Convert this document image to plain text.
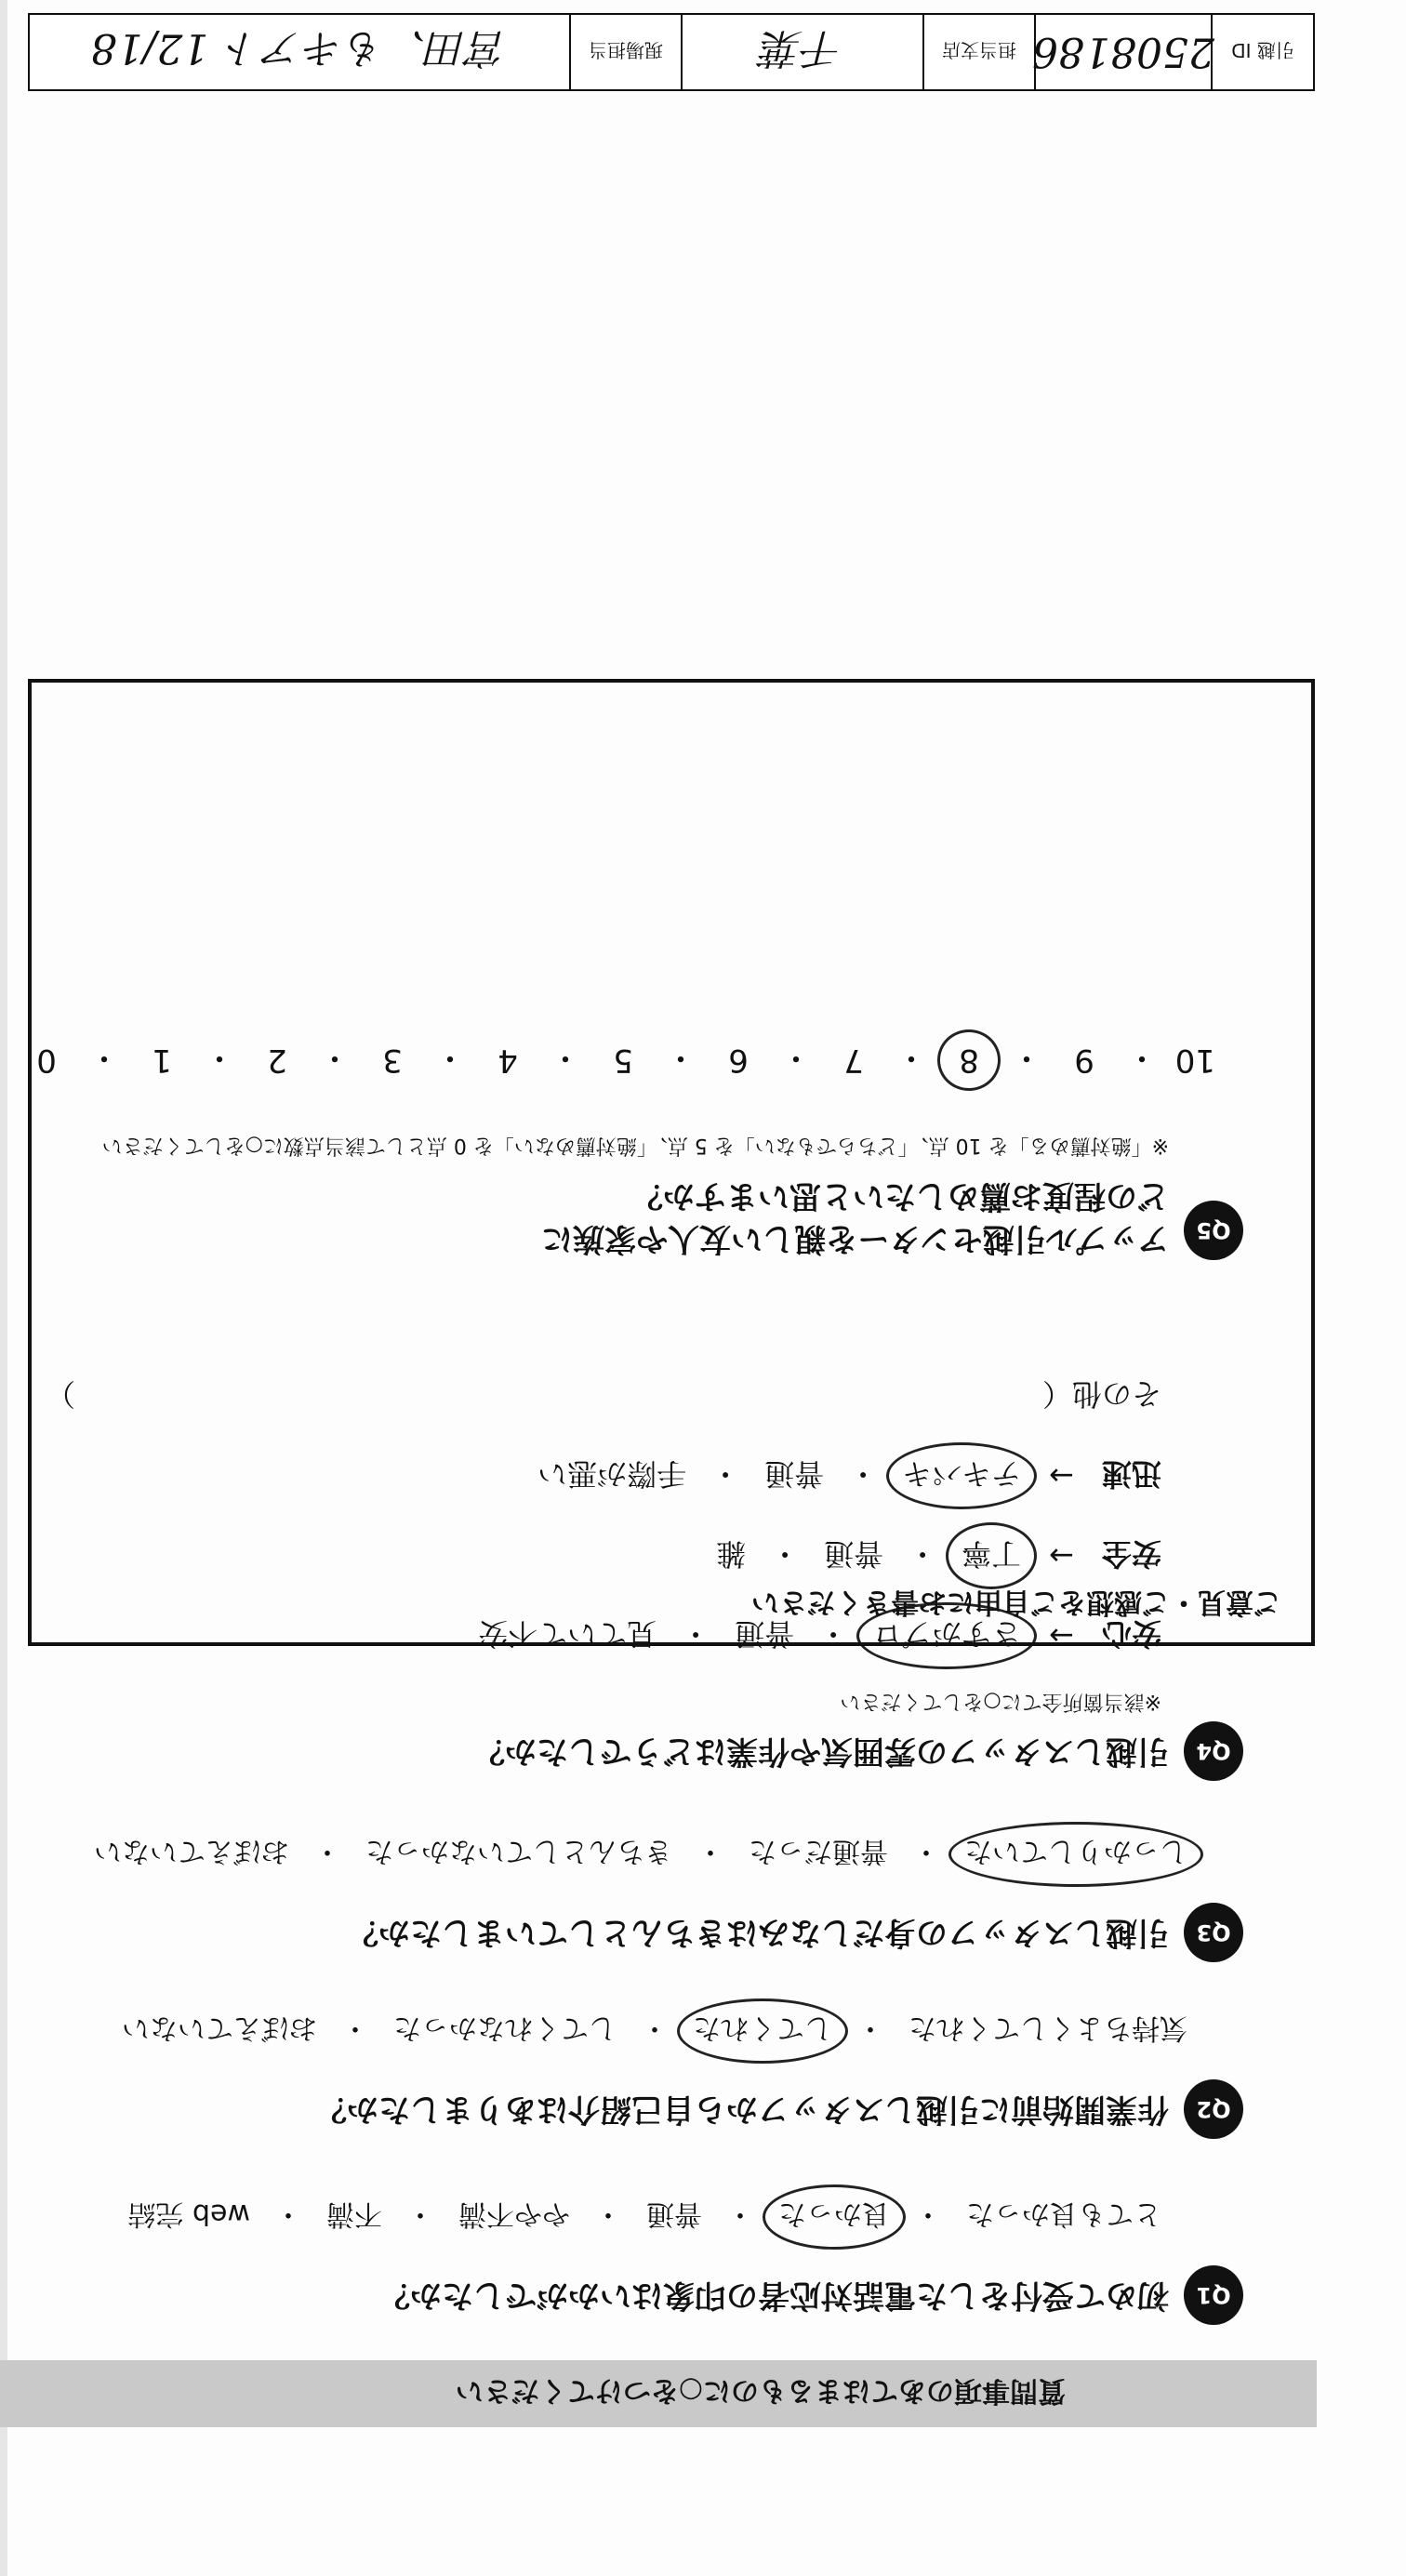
質問事項のあてはまるものに○をつけてください
Q1
初めて受付をした電話対応者の印象はいかがでしたか？
とても良かった
・
良かった
・
普通
・
やや不満
・
不満
・
web 完結
Q2
作業開始前に引越しスタッフから自己紹介はありましたか？
気持ちよくしてくれた
・
してくれた
・
してくれなかった
・
おぼえていない
Q3
引越しスタッフの身だしなみはきちんとしていましたか？
しっかりしていた
・
普通だった
・
きちんとしていなかった
・
おぼえていない
Q4
引越しスタッフの雰囲気や作業はどうでしたか？
※該当箇所全てに○をしてください
安心
→
さすがプロ
・
普通
・
見ていて不安
安全
→
丁寧
・
普通
・
雑
迅速
→
テキパキ
・
普通
・
手際が悪い
その他（
）
Q5
アップル引越センターを親しい友人や家族に
どの程度お薦めしたいと思いますか？
※「絶対薦める」を 10 点、「どちらでもない」を 5 点、「絶対薦めない」を 0 点として該当点数に○をしてください
10
・
9
・
8
・
7
・
6
・
5
・
4
・
3
・
2
・
1
・
0
ご意見・ご感想をご自由にお書きください
引越 ID
2508186
担当支店
千葉
現場担当
宮田、もキアト 12/18
